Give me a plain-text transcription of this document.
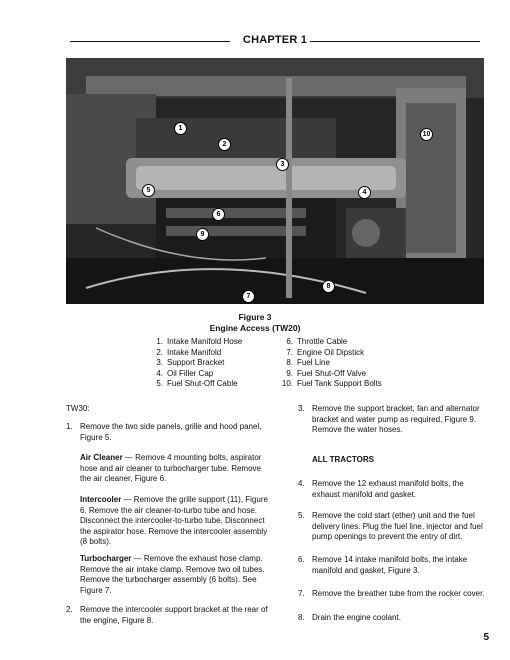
CHAPTER 1
1
2
3
4
5
6
7
8
9
10
Figure 3
Engine Access (TW20)
1. Intake Manifold Hose	6. Throttle Cable
2. Intake Manifold	7. Engine Oil Dipstick
3. Support Bracket	8. Fuel Line
4. Oil Filler Cap	9. Fuel Shut-Off Valve
5. Fuel Shut-Off Cable	10. Fuel Tank Support Bolts
TW30:
1. Remove the two side panels, grille and hood panel, Figure 5.
Air Cleaner — Remove 4 mounting bolts, aspirator hose and air cleaner to turbocharger tube. Remove the air cleaner, Figure 6.
Intercooler — Remove the grille support (11), Figure 6. Remove the air cleaner-to-turbo tube and hose. Disconnect the intercooler-to-turbo tube. Disconnect the aspirator hose. Remove the intercooler assembly (8 bolts).
Turbocharger — Remove the exhaust hose clamp. Remove the air intake clamp. Remove two oil tubes. Remove the turbocharger assembly (6 bolts). See Figure 7.
2. Remove the intercooler support bracket at the rear of the engine, Figure 8.
3. Remove the support bracket, fan and alternator bracket and water pump as required, Figure 9. Remove the water hoses.
ALL TRACTORS
4. Remove the 12 exhaust manifold bolts, the exhaust manifold and gasket.
5. Remove the cold start (ether) unit and the fuel delivery lines. Plug the fuel line, injector and fuel pump openings to prevent the entry of dirt.
6. Remove 14 intake manifold bolts, the intake manifold and gasket, Figure 3.
7. Remove the breather tube from the rocker cover.
8. Drain the engine coolant.
5
